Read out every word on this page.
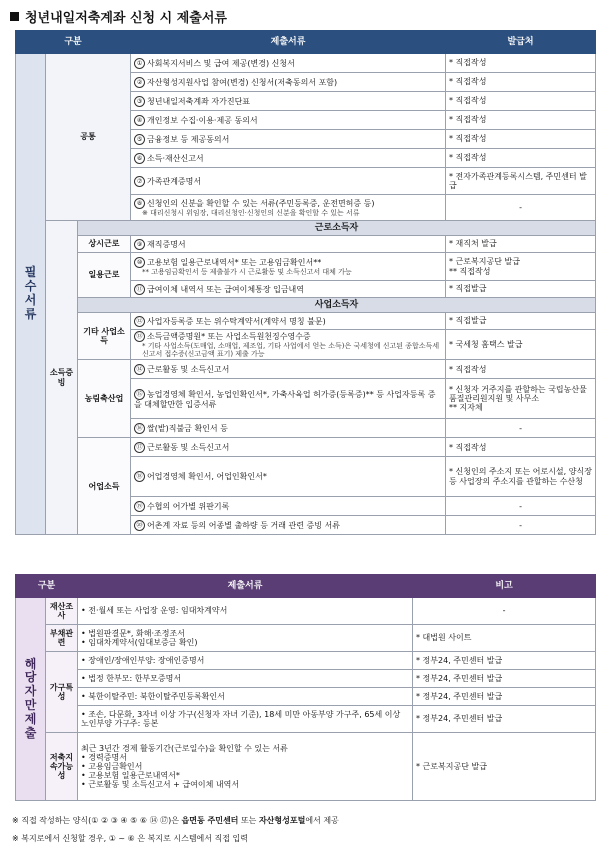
청년내일저축계좌 신청 시 제출서류
구분			제출서류	발급처
필수서류	공통		① 사회복지서비스 및 급여 제공(변경) 신청서	* 직접작성
			② 자산형성지원사업 참여(변경) 신청서(저축동의서 포함)	* 직접작성
			③ 청년내일저축계좌 자가진단표	* 직접작성
			④ 개인정보 수집·이용·제공 동의서	* 직접작성
			⑤ 금융정보 등 제공동의서	* 직접작성
			⑥ 소득·재산신고서	* 직접작성
			⑦ 가족관계증명서	* 전자가족관계등록시스템, 주민센터 발급
			⑧ 신청인의 신분을 확인할 수 있는 서류(주민등록증, 운전면허증 등)
※ 대리신청시 위임장, 대리신청인·신청인의 신분을 확인할 수 있는 서류	-
	소득증빙	근로소득자		
		상시근로	⑨ 재직증명서	* 재직처 발급
		일용근로	⑩ 고용보험 일용근로내역서* 또는 고용임금확인서**
** 고용임금확인서 등 제출불가 시 근로활동 및 소득신고서 대체 가능	* 근로복지공단 발급
** 직접작성
			⑪ 급여이체 내역서 또는 급여이체통장 입금내역	* 직접발급
		사업소득자		
		기타 사업소득	⑫ 사업자등록증 또는 위수탁계약서(계약서 명칭 불문)	* 직접발급
			⑬ 소득금액증명원* 또는 사업소득원천징수영수증
* 기타 사업소득(도매업, 소매업, 제조업, 기타 사업에서 얻는 소득)은 국세청에 신고된 종합소득세신고서 접수증(신고금액 표기) 제출 가능	* 국세청 홈택스 발급
		농림축산업	⑭ 근로활동 및 소득신고서	* 직접작성
			⑮ 농업경영체 확인서, 농업인확인서*, 가축사육업 허가증(등록증)** 등 사업자등록 증을 대체할만한 입증서류	* 신청자 거주지를 관할하는 국립농산물품질관리원지원 및 사무소
** 지자체
			⑯ 쌀(밭)직불금 확인서 등	-
		어업소득	⑰ 근로활동 및 소득신고서	* 직접작성
			⑱ 어업경영체 확인서, 어업인확인서*	* 신청인의 주소지 또는 어로시설, 양식장 등 사업장의 주소지를 관할하는 수산청
			⑲ 수협의 어가별 위판기록	-
			⑳ 어촌계 자료 등의 어종별 출하량 등 거래 관련 증빙 서류	-
구분		제출서류	비고
해당자만 제출	재산조사	• 전·월세 또는 사업장 운영: 임대차계약서	-
	부채관련	• 법원판결문*, 화해·조정조서
• 임대차계약서(임대보증금 확인)	* 대법원 사이트
	가구특성	• 장애인/장애인부양: 장애인증명서	* 정부24, 주민센터 발급
		• 법정 한부모: 한부모증명서	* 정부24, 주민센터 발급
		• 북한이탈주민: 북한이탈주민등록확인서	* 정부24, 주민센터 발급
		• 조손, 다문화, 3자녀 이상 가구(신청자 자녀 기준), 18세 미만 아동부양 가구주, 65세 이상 노인부양 가구주: 등본	* 정부24, 주민센터 발급
	저축지속가능성	최근 3년간 경제 활동기간(근로일수)을 확인할 수 있는 서류
• 경력증명서
• 고용임금확인서
• 고용보험 일용근로내역서*
• 근로활동 및 소득신고서 + 급여이체 내역서	* 근로복지공단 발급
※ 직접 작성하는 양식(① ② ③ ④ ⑤ ⑥ ⑭ ⑰)은 읍면동 주민센터 또는 자산형성포털에서 제공
※ 복지로에서 신청할 경우, ① ~ ⑥ 은 복지로 시스템에서 직접 입력
